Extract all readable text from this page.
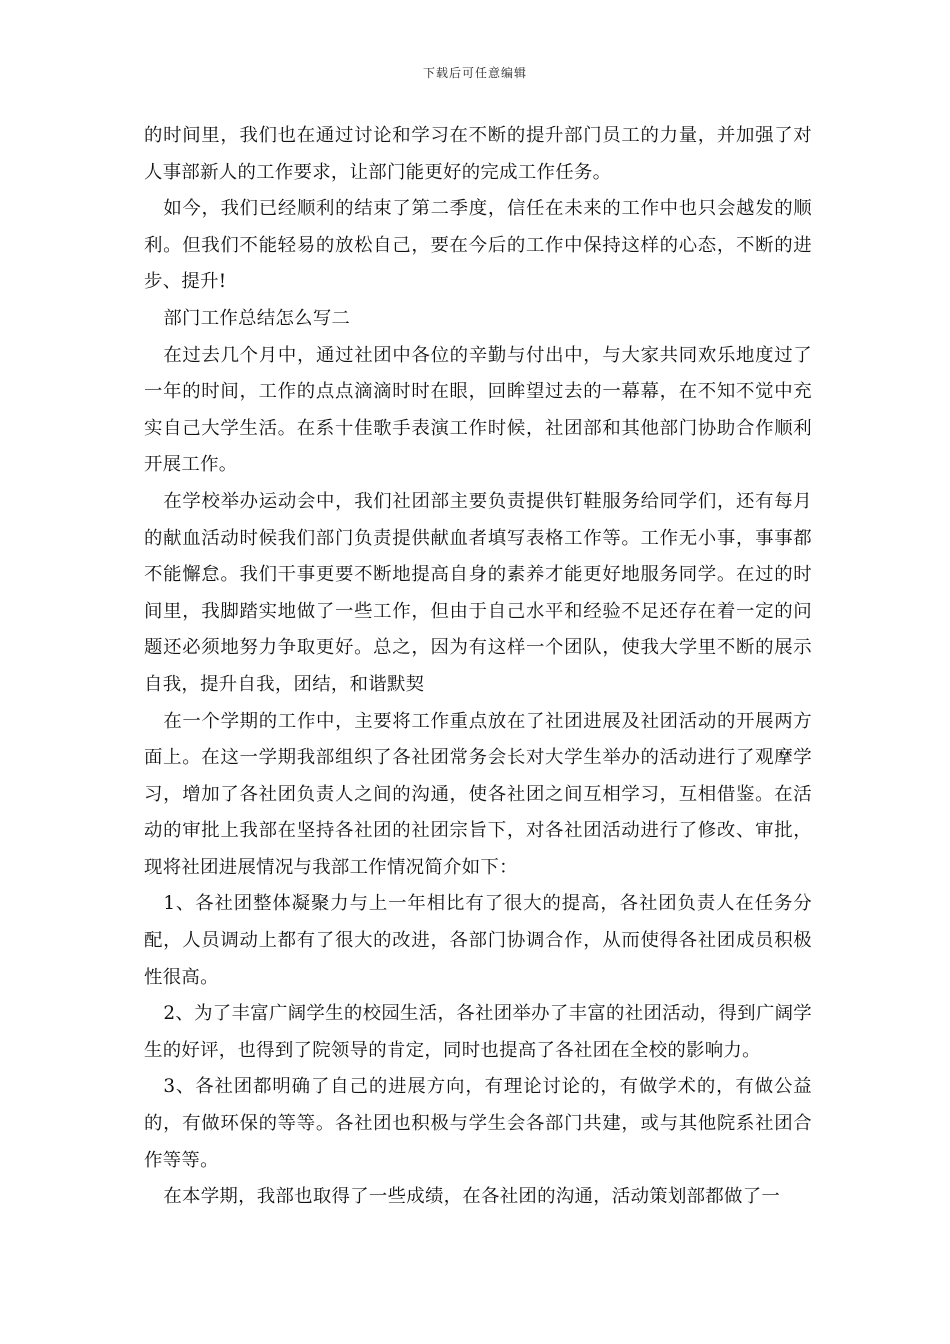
下载后可任意编辑

的时间里，我们也在通过讨论和学习在不断的提升部门员工的力量，并加强了对人事部新人的工作要求，让部门能更好的完成工作任务。

如今，我们已经顺利的结束了第二季度，信任在未来的工作中也只会越发的顺利。但我们不能轻易的放松自己，要在今后的工作中保持这样的心态，不断的进步、提升!

部门工作总结怎么写二

在过去几个月中，通过社团中各位的辛勤与付出中，与大家共同欢乐地度过了一年的时间，工作的点点滴滴时时在眼，回眸望过去的一幕幕，在不知不觉中充实自己大学生活。在系十佳歌手表演工作时候，社团部和其他部门协助合作顺利开展工作。

在学校举办运动会中，我们社团部主要负责提供钉鞋服务给同学们，还有每月的献血活动时候我们部门负责提供献血者填写表格工作等。工作无小事，事事都不能懈怠。我们干事更要不断地提高自身的素养才能更好地服务同学。在过的时间里，我脚踏实地做了一些工作，但由于自己水平和经验不足还存在着一定的问题还必须地努力争取更好。总之，因为有这样一个团队，使我大学里不断的展示自我，提升自我，团结，和谐默契

在一个学期的工作中，主要将工作重点放在了社团进展及社团活动的开展两方面上。在这一学期我部组织了各社团常务会长对大学生举办的活动进行了观摩学习，增加了各社团负责人之间的沟通，使各社团之间互相学习，互相借鉴。在活动的审批上我部在坚持各社团的社团宗旨下，对各社团活动进行了修改、审批，现将社团进展情况与我部工作情况简介如下：

1、各社团整体凝聚力与上一年相比有了很大的提高，各社团负责人在任务分配，人员调动上都有了很大的改进，各部门协调合作，从而使得各社团成员积极性很高。

2、为了丰富广阔学生的校园生活，各社团举办了丰富的社团活动，得到广阔学生的好评，也得到了院领导的肯定，同时也提高了各社团在全校的影响力。

3、各社团都明确了自己的进展方向，有理论讨论的，有做学术的，有做公益的，有做环保的等等。各社团也积极与学生会各部门共建，或与其他院系社团合作等等。

在本学期，我部也取得了一些成绩，在各社团的沟通，活动策划部都做了一
